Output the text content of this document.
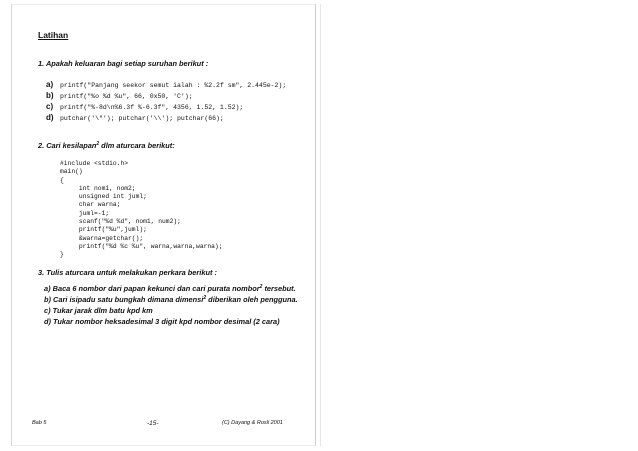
Latihan
1. Apakah keluaran bagi setiap suruhan berikut :
a) printf("Panjang seekor semut ialah : %2.2f sm", 2.445e-2);
b) printf("%o %d %u", 66, 0x50, 'C');
c) printf("%-8d\n%6.3f %-6.3f", 4356, 1.52, 1.52);
d) putchar('\"'); putchar('\\'); putchar(66);
2. Cari kesilapan$^2$ dlm aturcara berikut:
#include <stdio.h>
main()
{
int nom1, nom2;
unsigned int juml;
char warna;
juml=-1;
scanf("%d %d", nom1, num2);
printf("%u",juml);
&warna=getchar();
printf("%d %c %u", warna,warna,warna);
}
3. Tulis aturcara untuk melakukan perkara berikut :
a) Baca 6 nombor dari papan kekunci dan cari purata nombor$^2$ tersebut.
b) Cari isipadu satu bungkah dimana dimensi$^2$ diberikan oleh pengguna.
c) Tukar jarak dlm batu kpd km
d) Tukar nombor heksadesimal 3 digit kpd nombor desimal (2 cara)
Bab 5	-15-	(C) Dayang & Rosli 2001
